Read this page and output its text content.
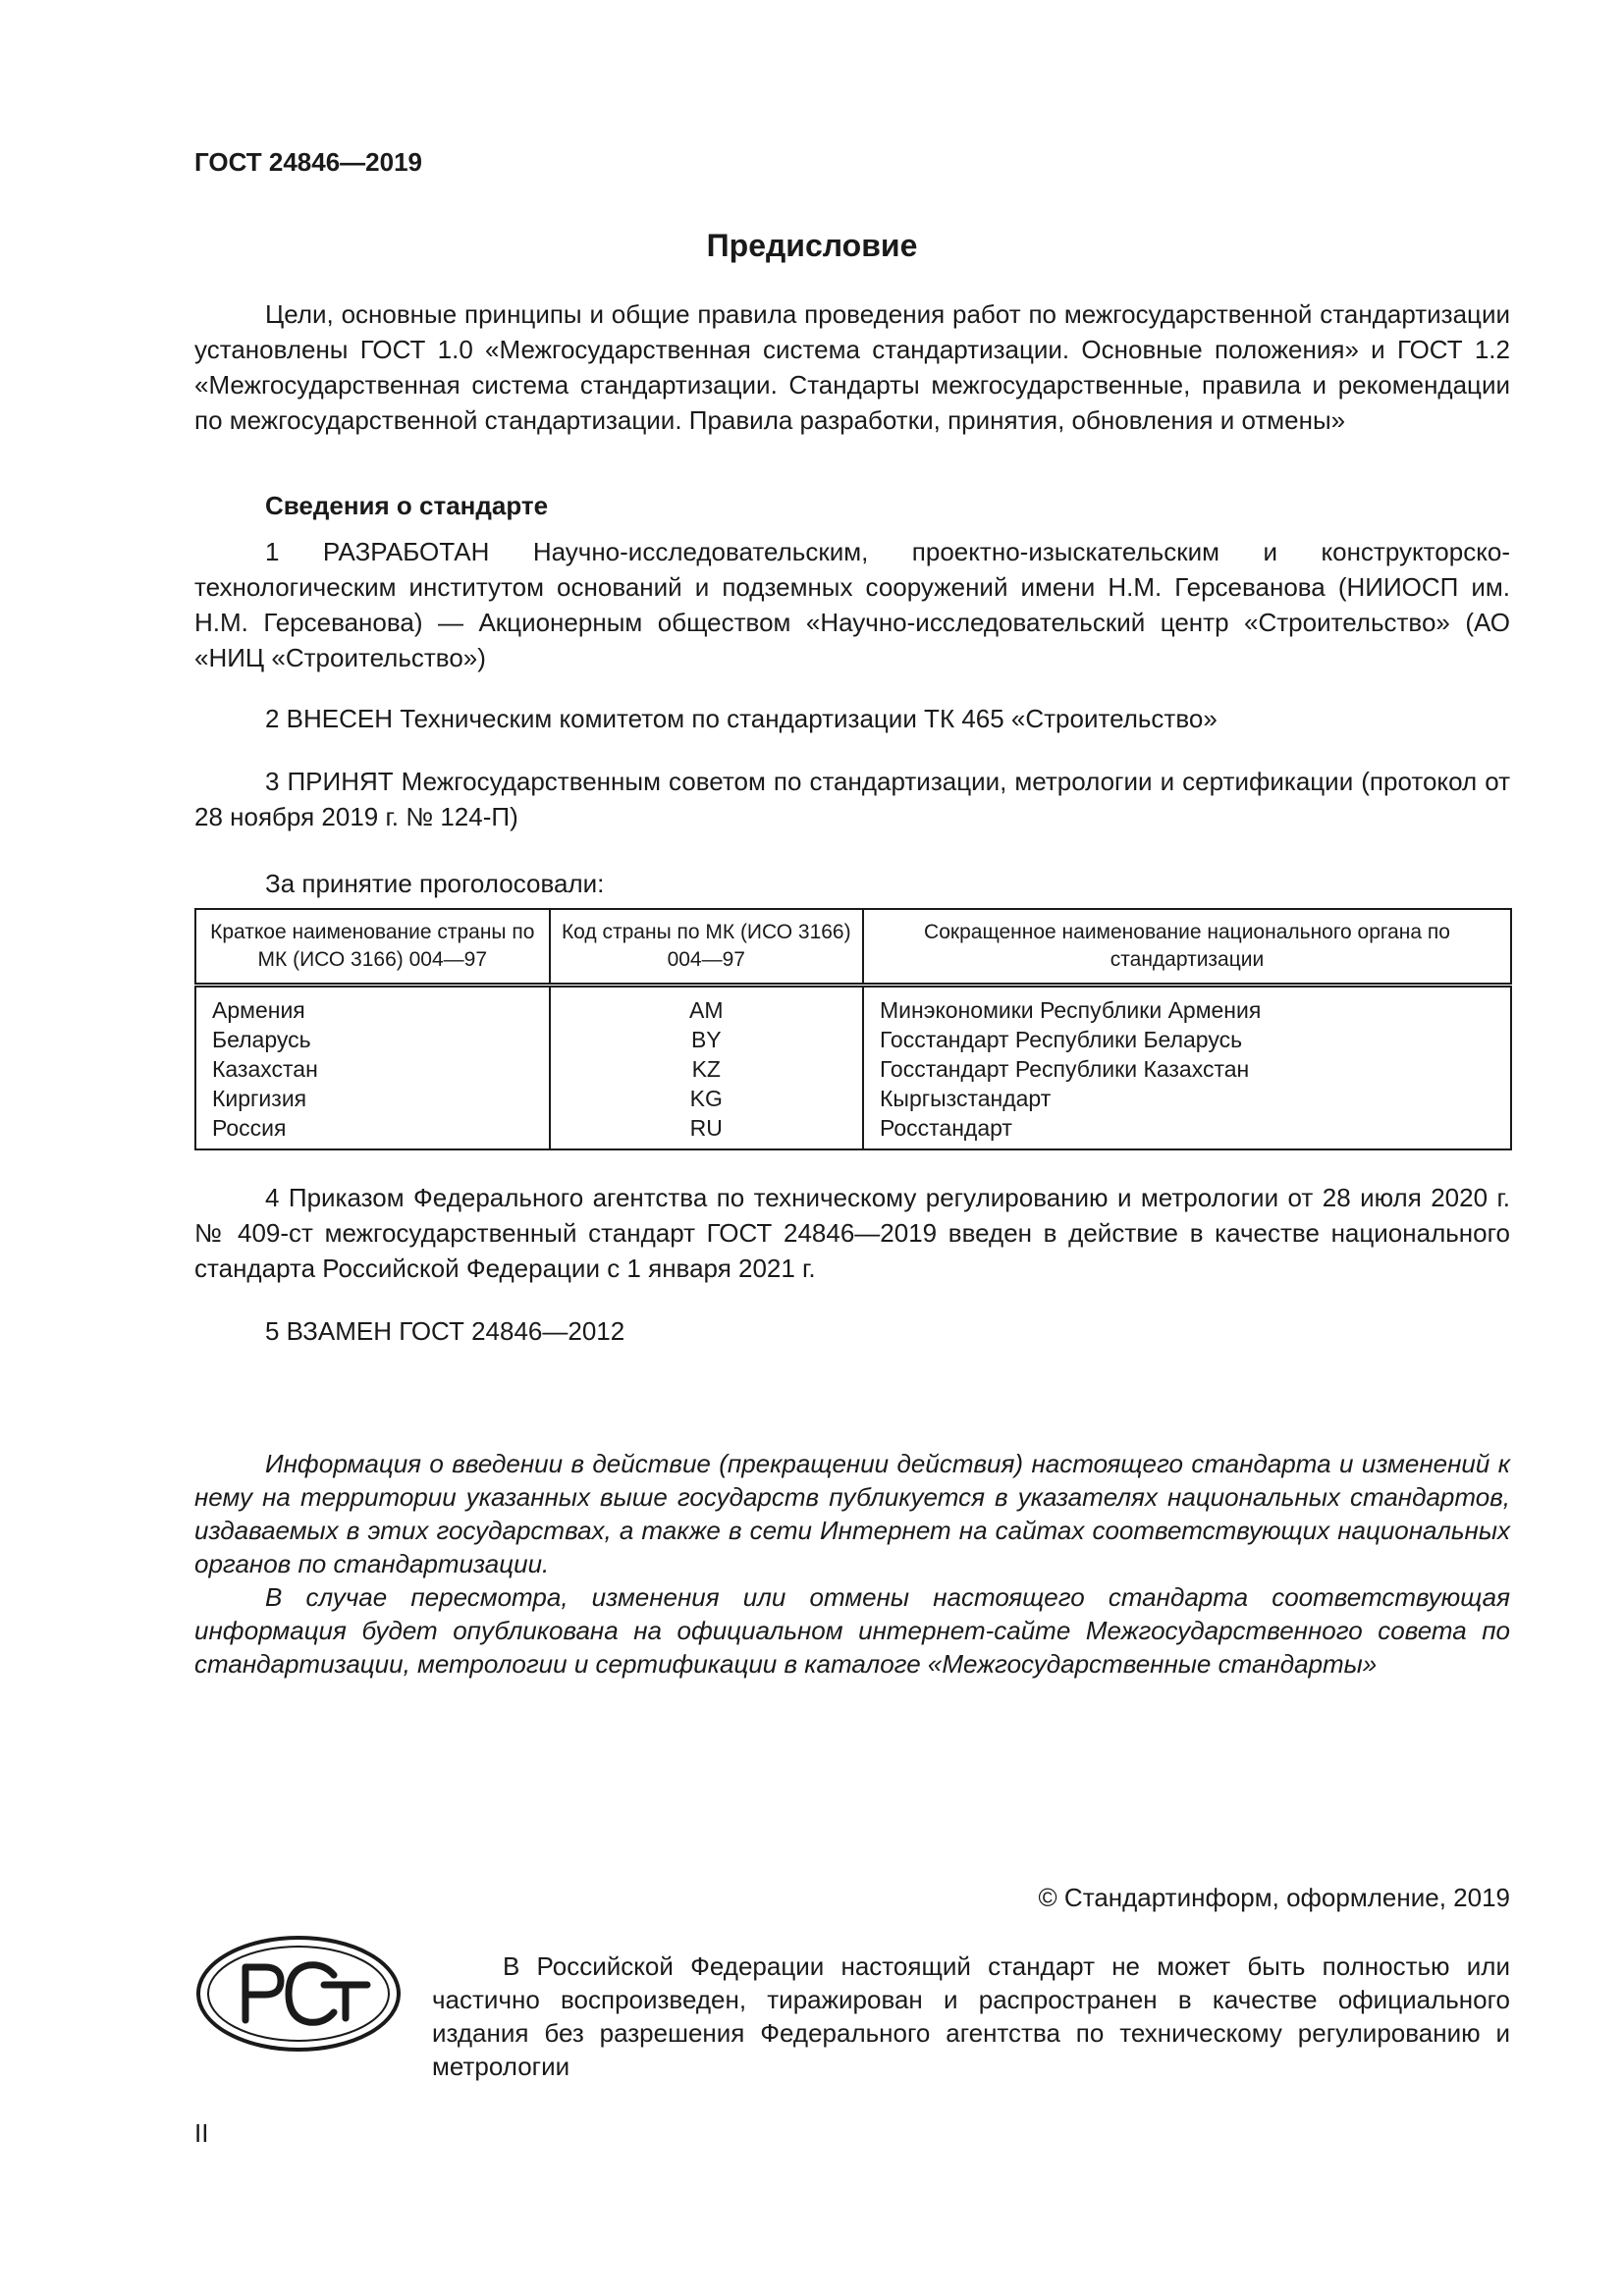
ГОСТ 24846—2019
Предисловие

Цели, основные принципы и общие правила проведения работ по межгосударственной стандартизации установлены ГОСТ 1.0 «Межгосударственная система стандартизации. Основные положения» и ГОСТ 1.2 «Межгосударственная система стандартизации. Стандарты межгосударственные, правила и рекомендации по межгосударственной стандартизации. Правила разработки, принятия, обновления и отмены»

Сведения о стандарте

1 РАЗРАБОТАН Научно-исследовательским, проектно-изыскательским и конструкторско-технологическим институтом оснований и подземных сооружений имени Н.М. Герсеванова (НИИОСП им. Н.М. Герсеванова) — Акционерным обществом «Научно-исследовательский центр «Строительство» (АО «НИЦ «Строительство»)

2 ВНЕСЕН Техническим комитетом по стандартизации ТК 465 «Строительство»

3 ПРИНЯТ Межгосударственным советом по стандартизации, метрологии и сертификации (протокол от 28 ноября 2019 г. № 124-П)

За принятие проголосовали:
Краткое наименование страны по МК (ИСО 3166) 004—97	Код страны по МК (ИСО 3166) 004—97	Сокращенное наименование национального органа по стандартизации
Армения	AM	Минэкономики Республики Армения
Беларусь	BY	Госстандарт Республики Беларусь
Казахстан	KZ	Госстандарт Республики Казахстан
Киргизия	KG	Кыргызстандарт
Россия	RU	Росстандарт

4 Приказом Федерального агентства по техническому регулированию и метрологии от 28 июля 2020 г. № 409-ст межгосударственный стандарт ГОСТ 24846—2019 введен в действие в качестве национального стандарта Российской Федерации с 1 января 2021 г.

5 ВЗАМЕН ГОСТ 24846—2012

Информация о введении в действие (прекращении действия) настоящего стандарта и изменений к нему на территории указанных выше государств публикуется в указателях национальных стандартов, издаваемых в этих государствах, а также в сети Интернет на сайтах соответствующих национальных органов по стандартизации.

В случае пересмотра, изменения или отмены настоящего стандарта соответствующая информация будет опубликована на официальном интернет-сайте Межгосударственного совета по стандартизации, метрологии и сертификации в каталоге «Межгосударственные стандарты»

© Стандартинформ, оформление, 2019
РСТ

В Российской Федерации настоящий стандарт не может быть полностью или частично воспроизведен, тиражирован и распространен в качестве официального издания без разрешения Федерального агентства по техническому регулированию и метрологии

II
